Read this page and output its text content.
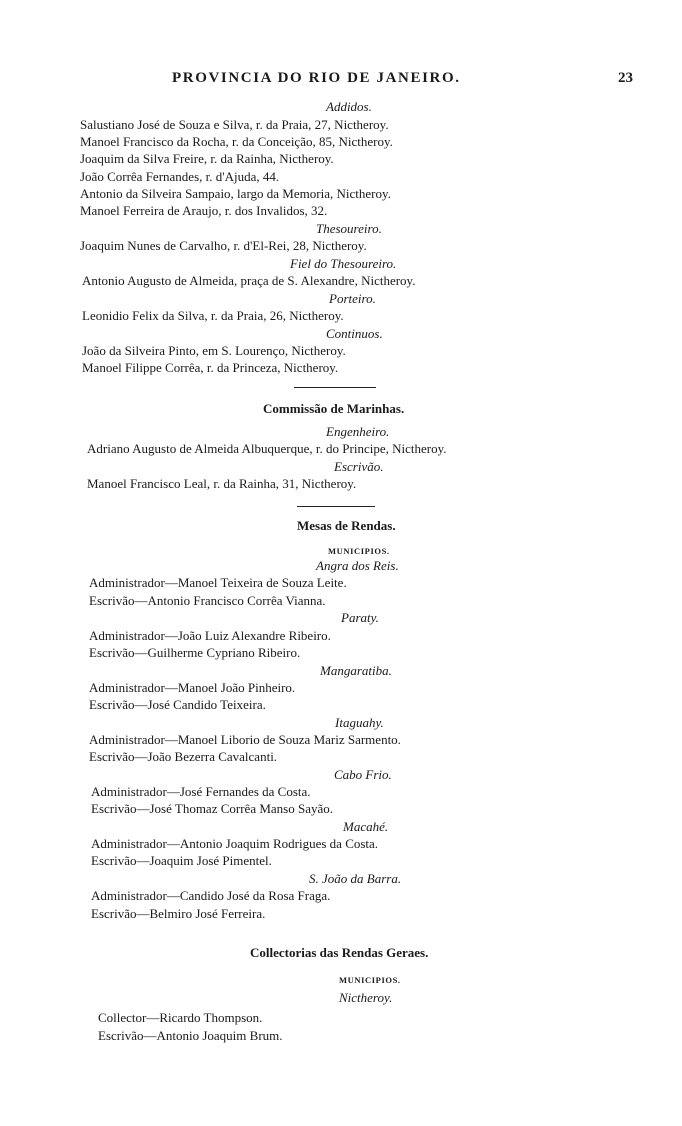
PROVINCIA DO RIO DE JANEIRO.	23
Addidos.
Salustiano José de Souza e Silva, r. da Praia, 27, Nictheroy.
Manoel Francisco da Rocha, r. da Conceição, 85, Nictheroy.
Joaquim da Silva Freire, r. da Rainha, Nictheroy.
João Corrêa Fernandes, r. d'Ajuda, 44.
Antonio da Silveira Sampaio, largo da Memoria, Nictheroy.
Manoel Ferreira de Araujo, r. dos Invalidos, 32.
Thesoureiro.
Joaquim Nunes de Carvalho, r. d'El-Rei, 28, Nictheroy.
Fiel do Thesoureiro.
Antonio Augusto de Almeida, praça de S. Alexandre, Nictheroy.
Porteiro.
Leonidio Felix da Silva, r. da Praia, 26, Nictheroy.
Continuos.
João da Silveira Pinto, em S. Lourenço, Nictheroy.
Manoel Filippe Corrêa, r. da Princeza, Nictheroy.
Commissão de Marinhas.
Engenheiro.
Adriano Augusto de Almeida Albuquerque, r. do Principe, Nictheroy.
Escrivão.
Manoel Francisco Leal, r. da Rainha, 31, Nictheroy.
Mesas de Rendas.
MUNICIPIOS.
Angra dos Reis.
Administrador—Manoel Teixeira de Souza Leite.
Escrivão—Antonio Francisco Corrêa Vianna.
Paraty.
Administrador—João Luiz Alexandre Ribeiro.
Escrivão—Guilherme Cypriano Ribeiro.
Mangaratiba.
Administrador—Manoel João Pinheiro.
Escrivão—José Candido Teixeira.
Itaguahy.
Administrador—Manoel Liborio de Souza Mariz Sarmento.
Escrivão—João Bezerra Cavalcanti.
Cabo Frio.
Administrador—José Fernandes da Costa.
Escrivão—José Thomaz Corrêa Manso Sayão.
Macahé.
Administrador—Antonio Joaquim Rodrigues da Costa.
Escrivão—Joaquim José Pimentel.
S. João da Barra.
Administrador—Candido José da Rosa Fraga.
Escrivão—Belmiro José Ferreira.
Collectorias das Rendas Geraes.
MUNICIPIOS.
Nictheroy.
Collector—Ricardo Thompson.
Escrivão—Antonio Joaquim Brum.
